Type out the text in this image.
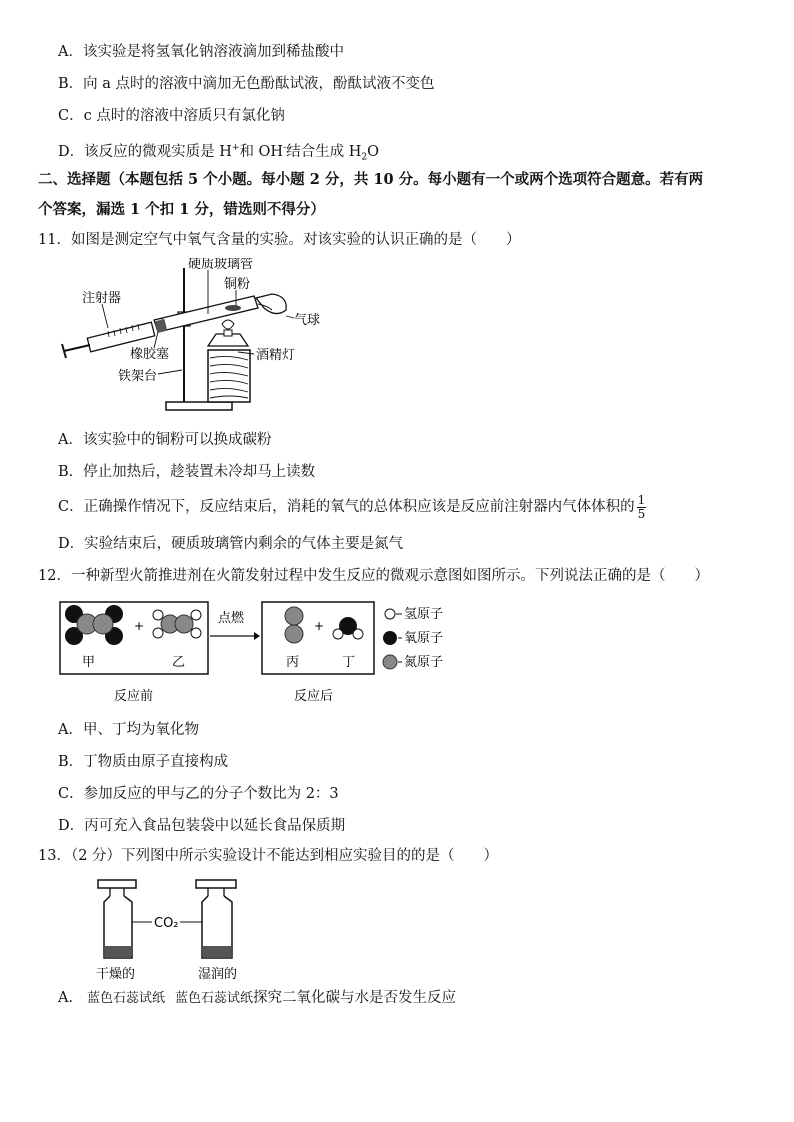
A．该实验是将氢氧化钠溶液滴加到稀盐酸中
B．向 a 点时的溶液中滴加无色酚酞试液，酚酞试液不变色
C．c 点时的溶液中溶质只有氯化钠
D．该反应的微观实质是 H+和 OH-结合生成 $H_2O$
二、选择题（本题包括 5 个小题。每小题 2 分，共 10 分。每小题有一个或两个选项符合题意。若有两
个答案，漏选 1 个扣 1 分，错选则不得分）
11．如图是测定空气中氧气含量的实验。对该实验的认识正确的是（　　）
硬质玻璃管
铜粉
注射器
气球
橡胶塞	酒精灯
铁架台
A．该实验中的铜粉可以换成碳粉
B．停止加热后，趁装置未冷却马上读数
C．正确操作情况下，反应结束后，消耗的氧气的总体积应该是反应前注射器内气体体积的 $\frac{1}{5}$
D．实验结束后，硬质玻璃管内剩余的气体主要是氮气
12．一种新型火箭推进剂在火箭发射过程中发生反应的微观示意图如图所示。下列说法正确的是（　　）
+
甲	乙
点燃	+
丙	丁
氢原子
氧原子
氮原子
反应前	反应后
A．甲、丁均为氧化物
B．丁物质由原子直接构成
C．参加反应的甲与乙的分子个数比为 2：3
D．丙可充入食品包装袋中以延长食品保质期
13．（2 分）下列图中所示实验设计不能达到相应实验目的的是（　　）
CO₂
干燥的	湿润的
A． 蓝色石蕊试纸 蓝色石蕊试纸探究二氧化碳与水是否发生反应
